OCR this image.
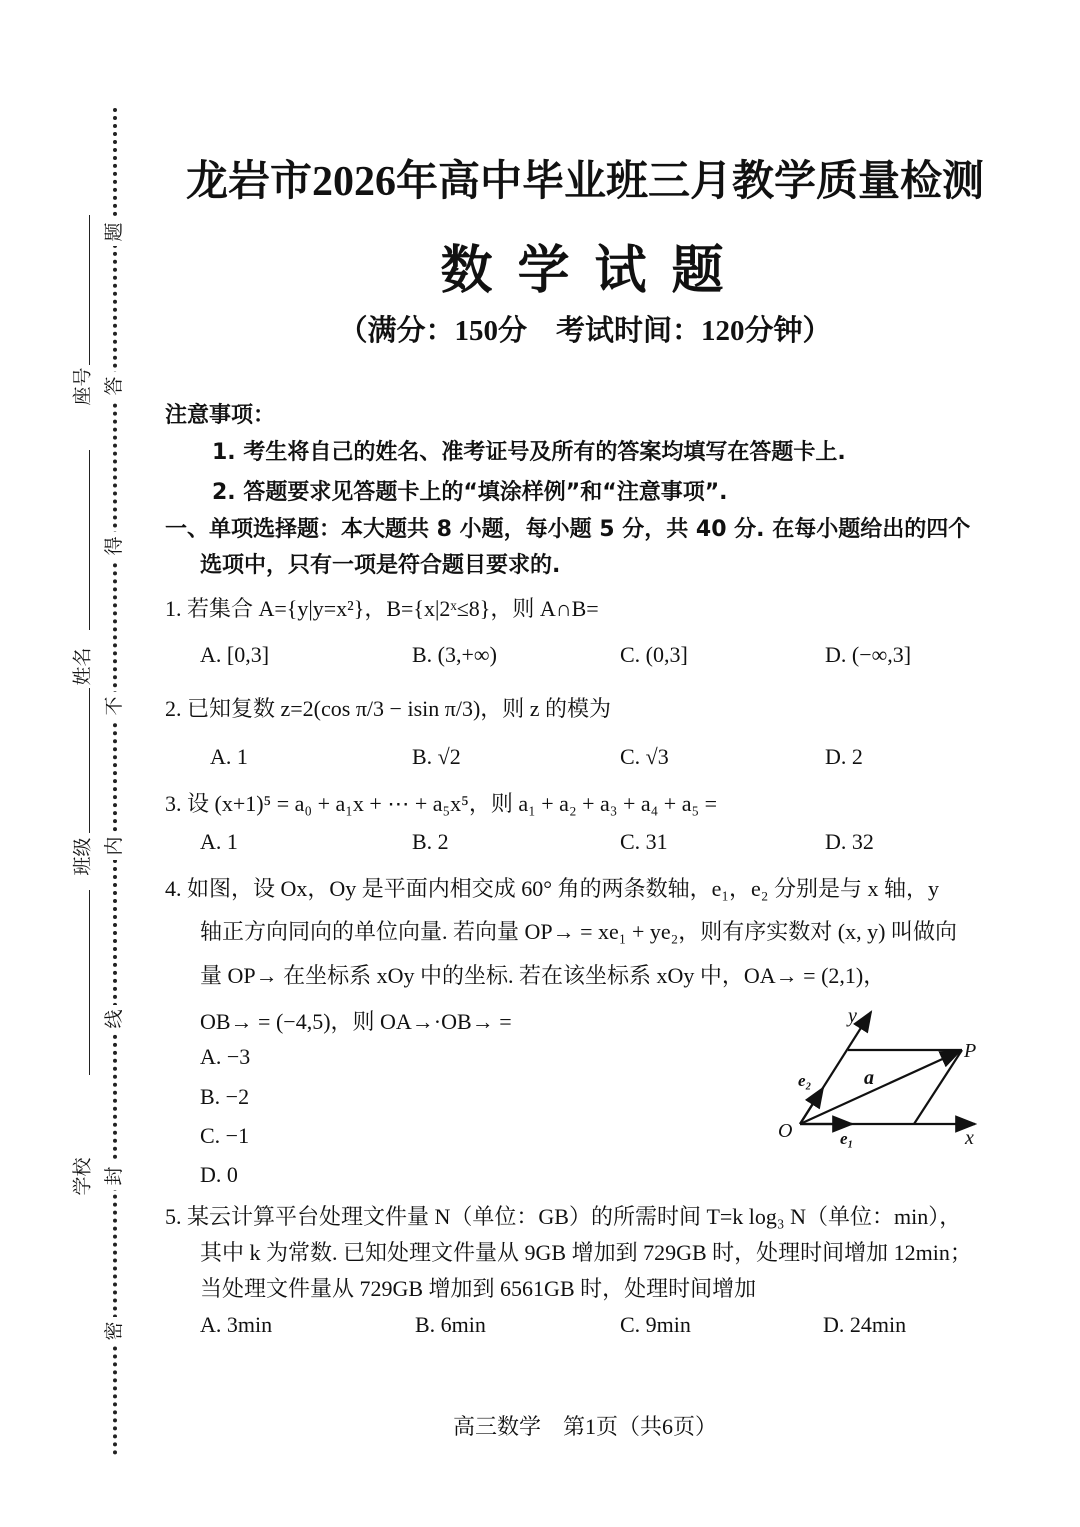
座号
姓名
班级
学校
题
答
得
不
内
线
封
密
龙岩市2026年高中毕业班三月教学质量检测
数 学 试 题
（满分：150分　考试时间：120分钟）
注意事项：
1. 考生将自己的姓名、准考证号及所有的答案均填写在答题卡上.
2. 答题要求见答题卡上的“填涂样例”和“注意事项”.
一、单项选择题：本大题共 8 小题，每小题 5 分，共 40 分. 在每小题给出的四个
选项中，只有一项是符合题目要求的.
1. 若集合 A={y|y=x²}，B={x|2ˣ≤8}，则 A∩B=
A. [0,3]	B. (3,+∞)	C. (0,3]	D. (−∞,3]
2. 已知复数 z=2(cos π/3 − isin π/3)，则 z 的模为
A. 1	B. √2	C. √3	D. 2
3. 设 (x+1)⁵ = a₀ + a₁x + ⋯ + a₅x⁵，则 a₁ + a₂ + a₃ + a₄ + a₅ =
A. 1	B. 2	C. 31	D. 32
4. 如图，设 Ox，Oy 是平面内相交成 60° 角的两条数轴，e₁，e₂ 分别是与 x 轴，y
轴正方向同向的单位向量. 若向量 OP→ = xe₁ + ye₂，则有序实数对 (x, y) 叫做向
量 OP→ 在坐标系 xOy 中的坐标. 若在该坐标系 xOy 中，OA→ = (2,1)，
OB→ = (−4,5)，则 OA→·OB→ =
A. −3
B. −2
C. −1
D. 0
y
P
e₂	a
O	e₁	x
5. 某云计算平台处理文件量 N（单位：GB）的所需时间 T=k log₃ N（单位：min），
其中 k 为常数. 已知处理文件量从 9GB 增加到 729GB 时，处理时间增加 12min；
当处理文件量从 729GB 增加到 6561GB 时，处理时间增加
A. 3min	B. 6min	C. 9min	D. 24min
高三数学　第1页（共6页）
